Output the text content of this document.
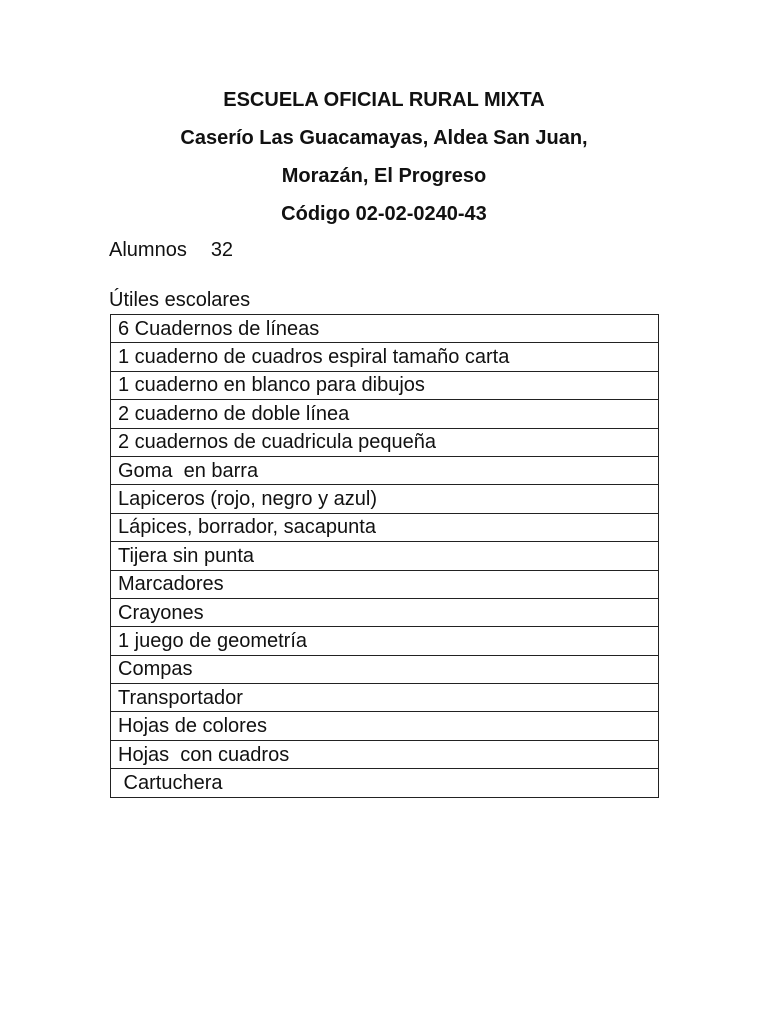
ESCUELA OFICIAL RURAL MIXTA
Caserío Las Guacamayas, Aldea San Juan,
Morazán, El Progreso
Código 02-02-0240-43
Alumnos 32
Útiles escolares
6 Cuadernos de líneas
1 cuaderno de cuadros espiral tamaño carta
1 cuaderno en blanco para dibujos
2 cuaderno de doble línea
2 cuadernos de cuadricula pequeña
Goma  en barra
Lapiceros (rojo, negro y azul)
Lápices, borrador, sacapunta
Tijera sin punta
Marcadores
Crayones
1 juego de geometría
Compas
Transportador
Hojas de colores
Hojas  con cuadros
Cartuchera
